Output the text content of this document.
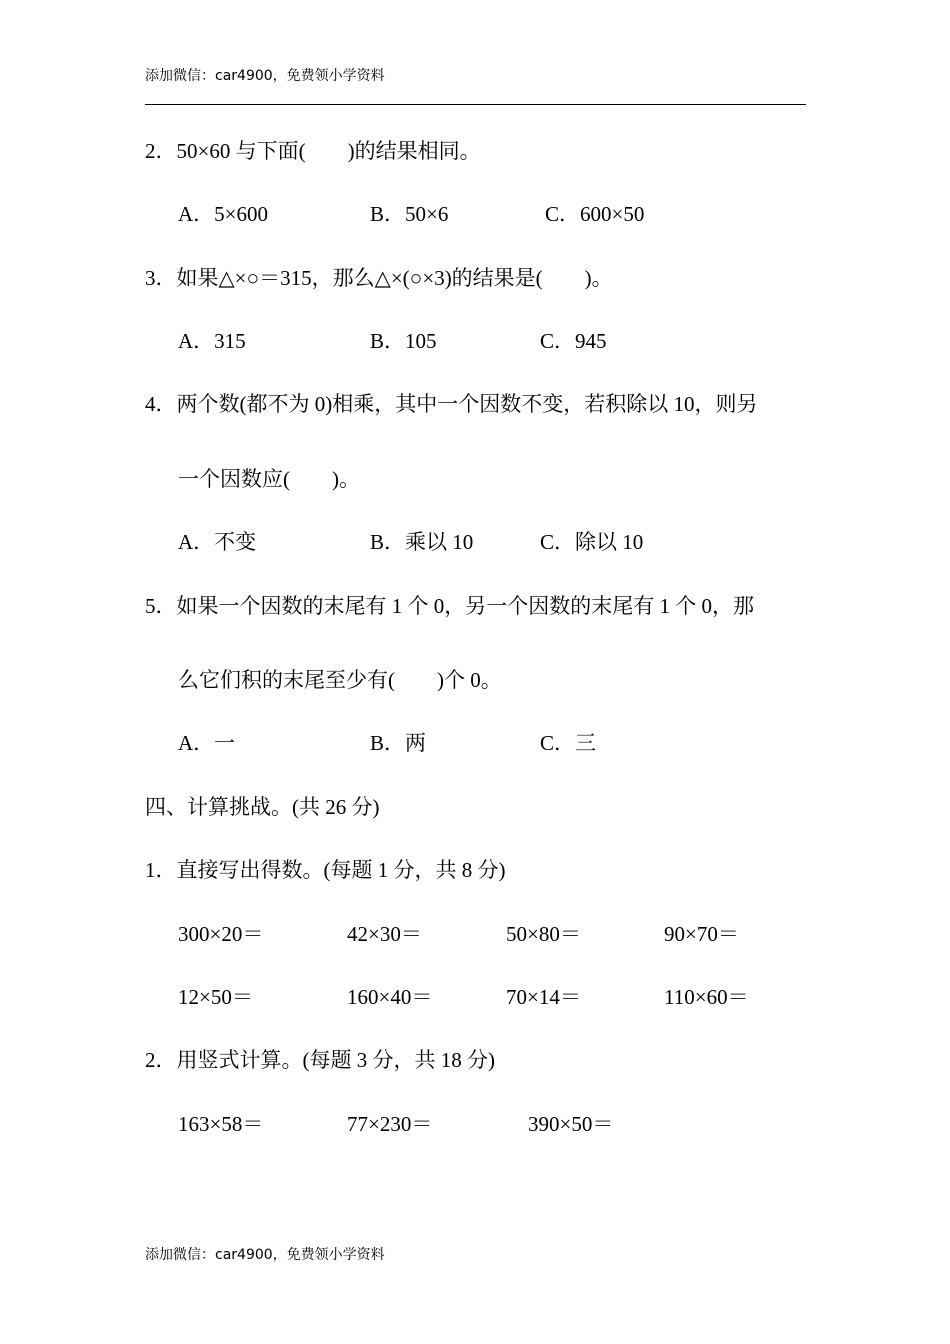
添加微信：car4900，免费领小学资料
2．50×60 与下面(　　)的结果相同。
A．5×600	B．50×6	C．600×50
3．如果△×○＝315，那么△×(○×3)的结果是(　　)。
A．315	B．105	C．945
4．两个数(都不为 0)相乘，其中一个因数不变，若积除以 10，则另
一个因数应(　　)。
A．不变	B．乘以 10	C．除以 10
5．如果一个因数的末尾有 1 个 0，另一个因数的末尾有 1 个 0，那
么它们积的末尾至少有(　　)个 0。
A．一	B．两	C．三
四、计算挑战。(共 26 分)
1．直接写出得数。(每题 1 分，共 8 分)
300×20＝	42×30＝	50×80＝	90×70＝
12×50＝	160×40＝	70×14＝	110×60＝
2．用竖式计算。(每题 3 分，共 18 分)
163×58＝	77×230＝	390×50＝
添加微信：car4900，免费领小学资料
